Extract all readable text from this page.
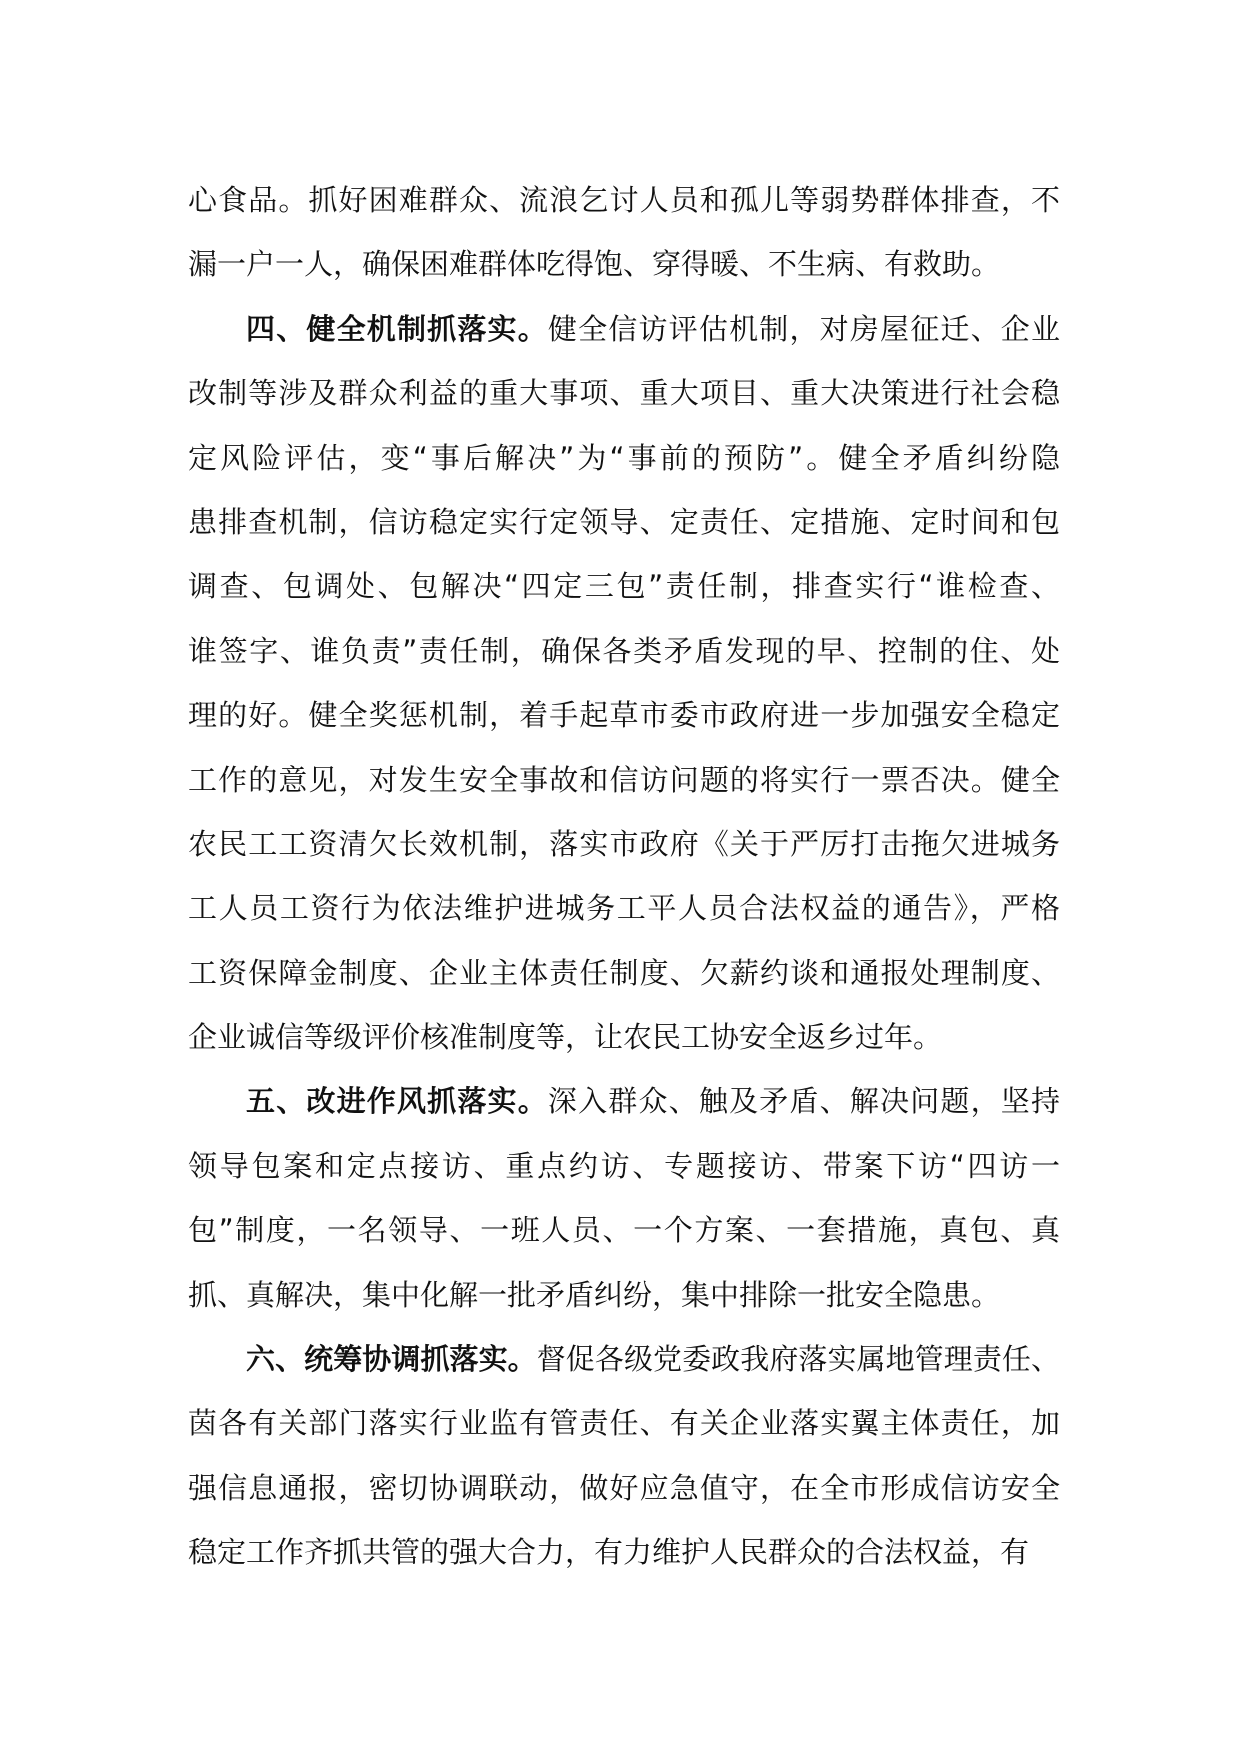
心食品。抓好困难群众、流浪乞讨人员和孤儿等弱势群体排查，不
漏一户一人，确保困难群体吃得饱、穿得暖、不生病、有救助。
四、健全机制抓落实。健全信访评估机制，对房屋征迁、企业
改制等涉及群众利益的重大事项、重大项目、重大决策进行社会稳
定风险评估，变“事后解决”为“事前的预防”。健全矛盾纠纷隐
患排查机制，信访稳定实行定领导、定责任、定措施、定时间和包
调查、包调处、包解决“四定三包”责任制，排查实行“谁检查、
谁签字、谁负责”责任制，确保各类矛盾发现的早、控制的住、处
理的好。健全奖惩机制，着手起草市委市政府进一步加强安全稳定
工作的意见，对发生安全事故和信访问题的将实行一票否决。健全
农民工工资清欠长效机制，落实市政府《关于严厉打击拖欠进城务
工人员工资行为依法维护进城务工平人员合法权益的通告》，严格
工资保障金制度、企业主体责任制度、欠薪约谈和通报处理制度、
企业诚信等级评价核准制度等，让农民工协安全返乡过年。
五、改进作风抓落实。深入群众、触及矛盾、解决问题，坚持
领导包案和定点接访、重点约访、专题接访、带案下访“四访一
包”制度，一名领导、一班人员、一个方案、一套措施，真包、真
抓、真解决，集中化解一批矛盾纠纷，集中排除一批安全隐患。
六、统筹协调抓落实。督促各级党委政我府落实属地管理责任、
茵各有关部门落实行业监有管责任、有关企业落实翼主体责任，加
强信息通报，密切协调联动，做好应急值守，在全市形成信访安全
稳定工作齐抓共管的强大合力，有力维护人民群众的合法权益，有
